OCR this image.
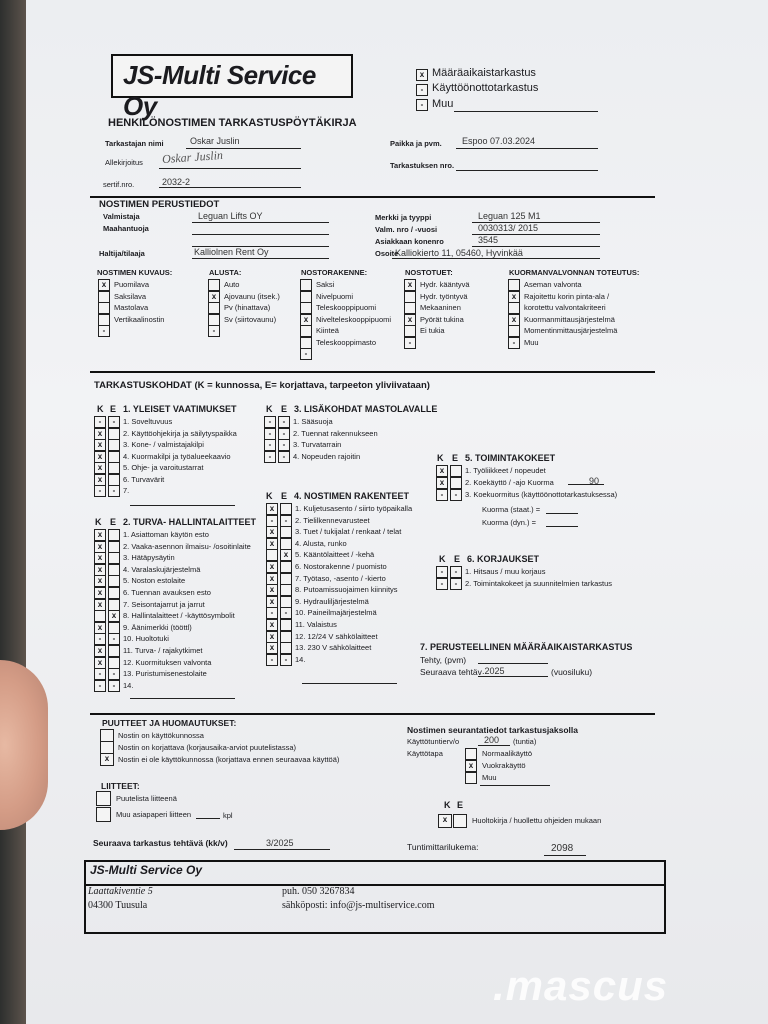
JS-Multi Service Oy
x Määräaikaistarkastus
- Käyttöönottotarkastus
- Muu
HENKILÖNOSTIMEN TARKASTUSPÖYTÄKIRJA
Tarkastajan nimi	Oskar Juslin
Allekirjoitus Oskar Juslin
sertif.nro.	2032-2
Paikka ja pvm. Espoo 07.03.2024
Tarkastuksen nro.
NOSTIMEN PERUSTIEDOT
Valmistaja	Leguan Lifts OY
Maahantuoja
Haltija/tilaaja	Kalliolnen Rent Oy
Merkki ja tyyppi	Leguan 125 M1
Valm. nro / -vuosi	0030313/ 2015
Asiakkaan konenro	3545
Osoite
Kalliokierto 11, 05460, Hyvinkää
NOSTIMEN KUVAUS:	ALUSTA:	NOSTORAKENNE:	NOSTOTUET:	KUORMANVALVONNAN TOTEUTUS:
x	Puomilava
Saksilava
Mastolava
Vertikaalinostin
-
Auto
x	Ajovaunu (itsek.)
Pv (hinattava)
Sv (siirtovaunu)
-
Saksi
Nivelpuomi
Teleskooppipuomi
x	Nivelteleskooppipuomi
Kiinteä
Teleskooppimasto
-
x	Hydr. kääntyvä
Hydr. työntyvä
Mekaaninen
x	Pyörät tukina
Ei tukia
-
Aseman valvonta
x	Rajoitettu korin pinta-ala /
korotettu valvontakriteeri
x	Kuormanmittausjärjestelmä
Momentinmittausjärjestelmä
-	Muu
TARKASTUSKOHDAT (K = kunnossa, E= korjattava, tarpeeton yliviivataan)
K E 1. YLEISET VAATIMUKSET	K E 3. LISÄKOHDAT MASTOLAVALLE
K E 5. TOIMINTAKOKEET
Kuorma (staat.) =
Kuorma (dyn.) =
K E 4. NOSTIMEN RAKENTEET
K E 2. TURVA- HALLINTALAITTEET
K E 6. KORJAUKSET
-	-	1. Soveltuvuus
x	2. Käyttöohjekirja ja säilytyspaikka
x	3. Kone- / valmistajakilpi
x	4. Kuormakilpi ja työalueekaavio
x	5. Ohje- ja varoitustarrat
x	6. Turvavärit
-	-	7.
x	1. Asiattoman käytön esto
x	2. Vaaka-asennon ilmaisu- /osoitinlaite
x	3. Hätäpysäytin
x	4. Varalaskujärjestelmä
x	5. Noston estolaite
x	6. Tuennan avauksen esto
x	7. Seisontajarrut ja jarrut
x 8. Hallintalaitteet / -käyttösymbolit
x	9. Äänimerkki (tööttl)
-	-	10. Huoltotuki
x	11. Turva- / rajakytkimet
x	12. Kuormituksen valvonta
-	-	13. Puristumisenestolaite
-	-	14.
-	-	1. Sääsuoja
-	-	2. Tuennat rakennukseen
-	-	3. Turvatarrain
-	-	4. Nopeuden rajoitin
x	1. Kuljetusasento / siirto työpaikalla
-	-	2. Tielilkennevarusteet
x	3. Tuet / tukijalat / renkaat / telat
x	4. Alusta, runko
x 5. Kääntölaitteet / -kehä
x	6. Nostorakenne / puomisto
x	7. Työtaso, -asento / -kierto
x	8. Putoamissuojaimen kiinnitys
x	9. Hydrauliljärjestelmä
-	-	10. Paineilmajärjestelmä
x	11. Valaistus
x	12. 12/24 V sähkölaitteet
x	13. 230 V sähkölaitteet
-	-	14.
x	1. Työliikkeet / nopeudet
x	2. Koekäyttö / -ajo Kuorma	90
-	-	3. Koekuormitus (käyttöönottotarkastuksessa)
-	-	1. Hitsaus / muu korjaus
-	-	2. Toimintakokeet ja suunnitelmien tarkastus
7. PERUSTEELLINEN MÄÄRÄAIKAISTARKASTUS
Tehty, (pvm)
Seuraava tehtäv .2025	(vuosiluku)
PUUTTEET JA HUOMAUTUKSET:
Nostin on käyttökunnossa
Nostin on korjattava (korjausaika-arviot puutelistassa)
x	Nostin ei ole käyttökunnossa (korjattava ennen seuraavaa käyttöä)
LIITTEET:
Puutelista liitteenä
Muu asiapaperi liitteen	kpl
Nostimen seurantatiedot tarkastusjaksolla
Käyttötuntierv/o	200 (tuntia)
Käyttötapa	Normaalikäyttö
x	Vuokrakäyttö
Muu
K E
x	Huoltokirja / huollettu ohjeiden mukaan
Seuraava tarkastus tehtävä (kk/v)	3/2025	Tuntimittarilukema:	2098
JS-Multi Service Oy
Laattakiventie 5
04300 Tuusula
puh. 050 3267834
sähköposti: info@js-multiservice.com
.mascus
